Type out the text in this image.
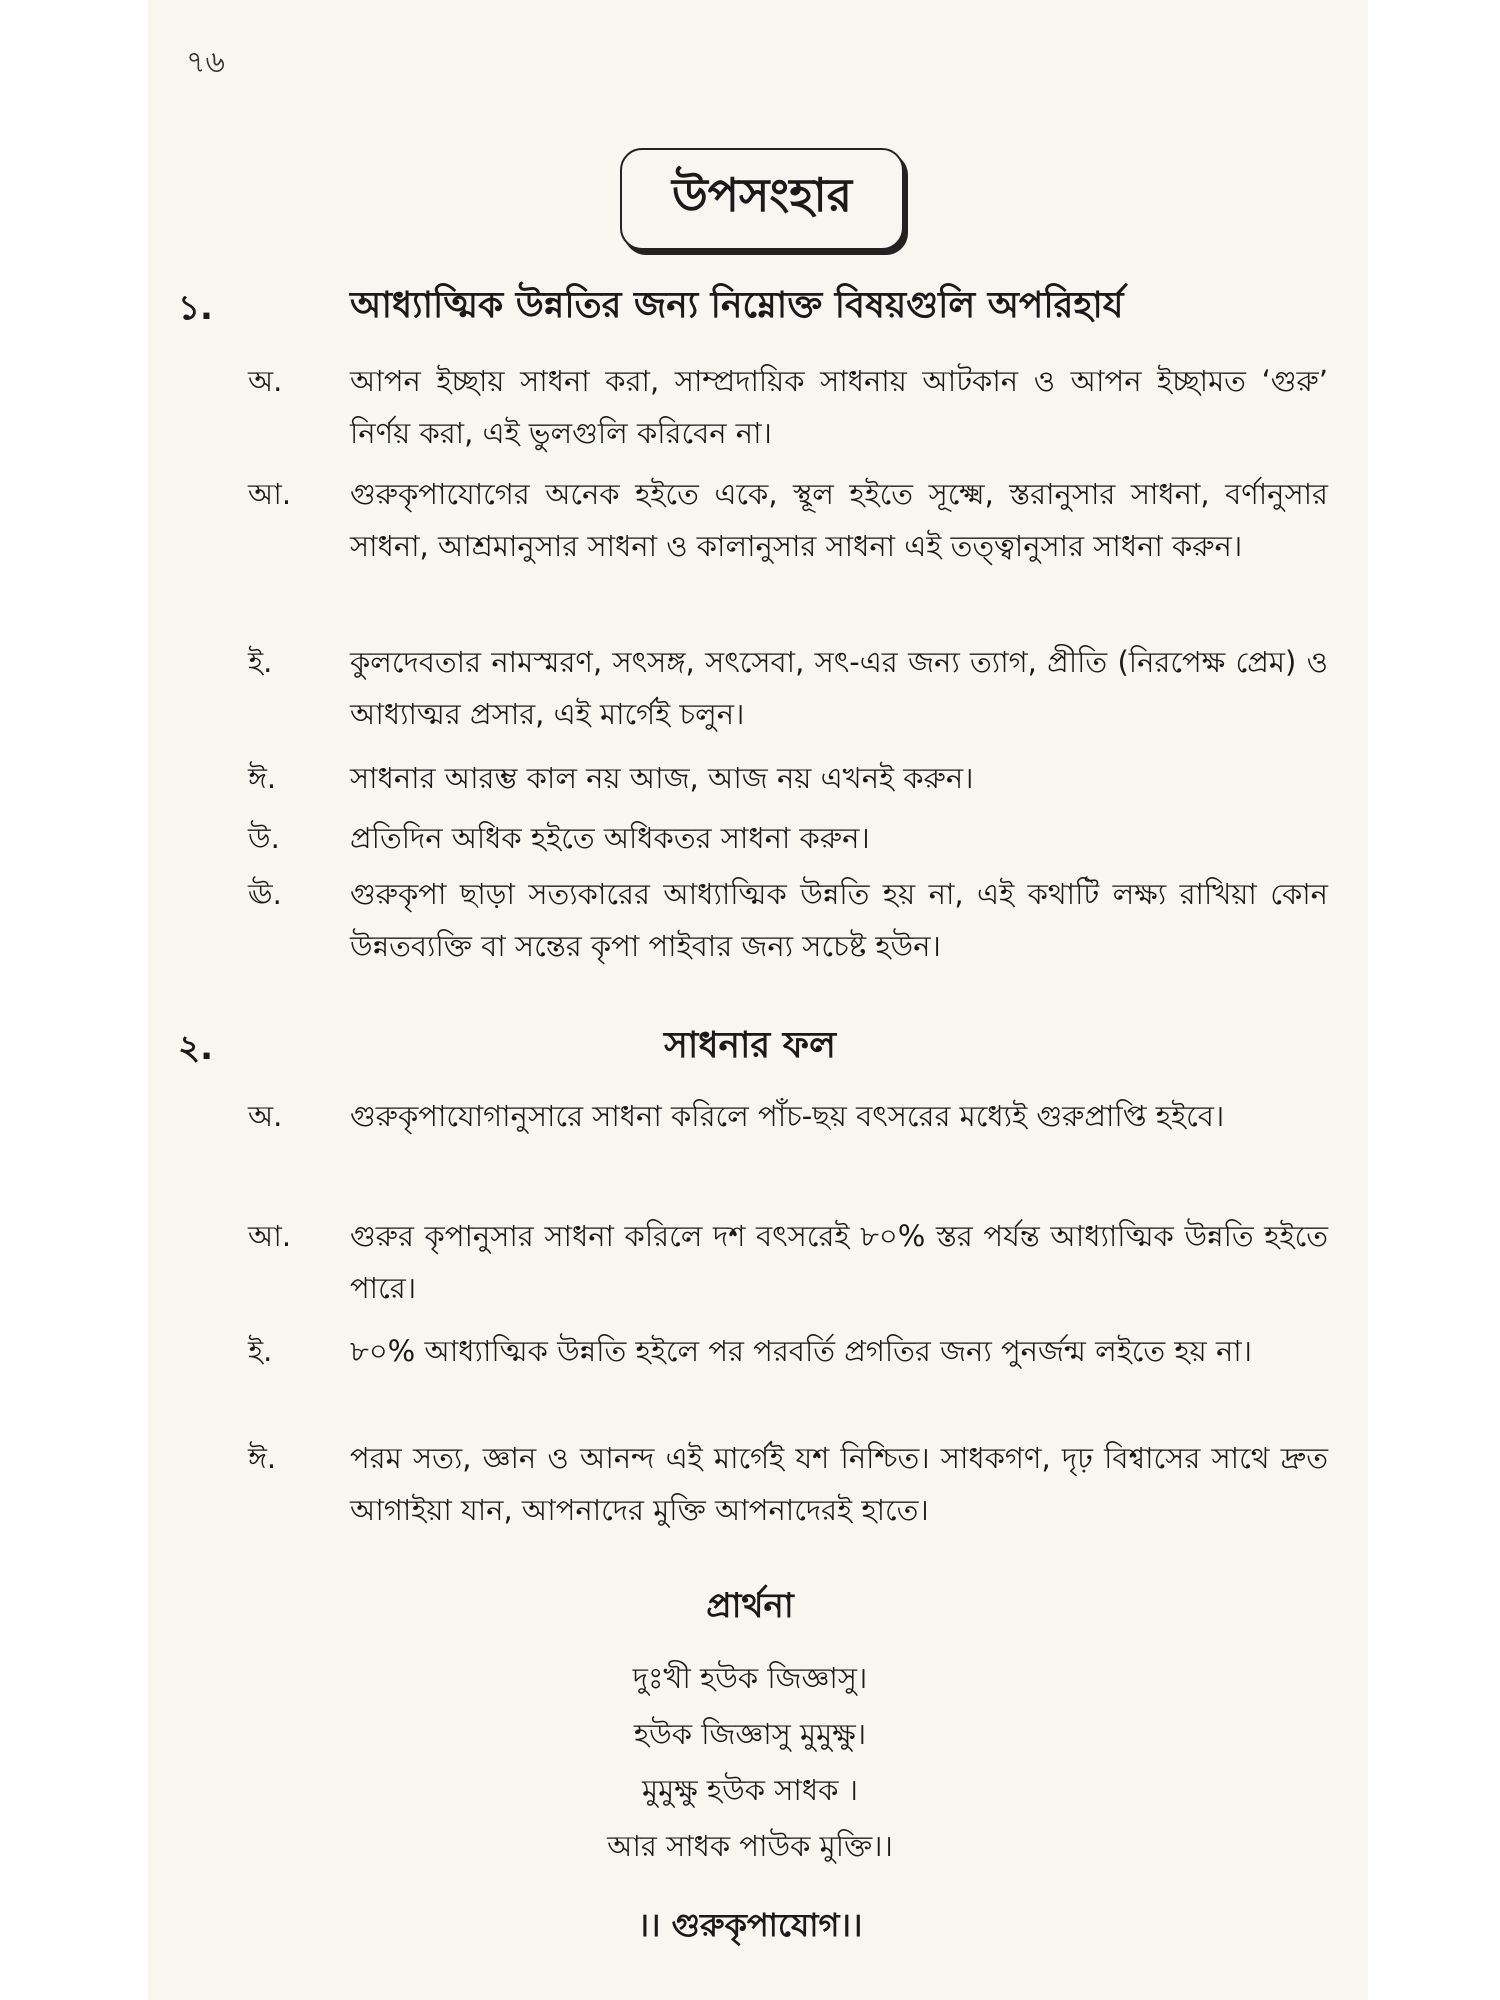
৭৬
উপসংহার
১.	আধ্যাত্মিক উন্নতির জন্য নিম্নোক্ত বিষয়গুলি অপরিহার্য
অ.	আপন ইচ্ছায় সাধনা করা, সাম্প্রদায়িক সাধনায় আটকান ও আপন ইচ্ছামত ‘গুরু’ নির্ণয় করা, এই ভুলগুলি করিবেন না।
আ.	গুরুকৃপাযোগের অনেক হইতে একে, স্থূল হইতে সূক্ষ্মে, স্তরানুসার সাধনা, বর্ণানুসার সাধনা, আশ্রমানুসার সাধনা ও কালানুসার সাধনা এই তত্ত্বানুসার সাধনা করুন।
ই.	কুলদেবতার নামস্মরণ, সৎসঙ্গ, সৎসেবা, সৎ-এর জন্য ত্যাগ, প্রীতি (নিরপেক্ষ প্রেম) ও আধ্যাত্মর প্রসার, এই মার্গেই চলুন।
ঈ.	সাধনার আরম্ভ কাল নয় আজ, আজ নয় এখনই করুন।
উ.	প্রতিদিন অধিক হইতে অধিকতর সাধনা করুন।
ঊ.	গুরুকৃপা ছাড়া সত্যকারের আধ্যাত্মিক উন্নতি হয় না, এই কথাটি লক্ষ্য রাখিয়া কোন উন্নতব্যক্তি বা সন্তের কৃপা পাইবার জন্য সচেষ্ট হউন।
২.	সাধনার ফল
অ.	গুরুকৃপাযোগানুসারে সাধনা করিলে পাঁচ-ছয় বৎসরের মধ্যেই গুরুপ্রাপ্তি হইবে।
আ.	গুরুর কৃপানুসার সাধনা করিলে দশ বৎসরেই ৮০% স্তর পর্যন্ত আধ্যাত্মিক উন্নতি হইতে পারে।
ই.	৮০% আধ্যাত্মিক উন্নতি হইলে পর পরবর্তি প্রগতির জন্য পুনর্জন্ম লইতে হয় না।
ঈ.	পরম সত্য, জ্ঞান ও আনন্দ এই মার্গেই যশ নিশ্চিত। সাধকগণ, দৃঢ় বিশ্বাসের সাথে দ্রুত আগাইয়া যান, আপনাদের মুক্তি আপনাদেরই হাতে।
প্রার্থনা
দুঃখী হউক জিজ্ঞাসু।
হউক জিজ্ঞাসু মুমুক্ষু।
মুমুক্ষু হউক সাধক ।
আর সাধক পাউক মুক্তি।।
।। গুরুকৃপাযোগ।।
